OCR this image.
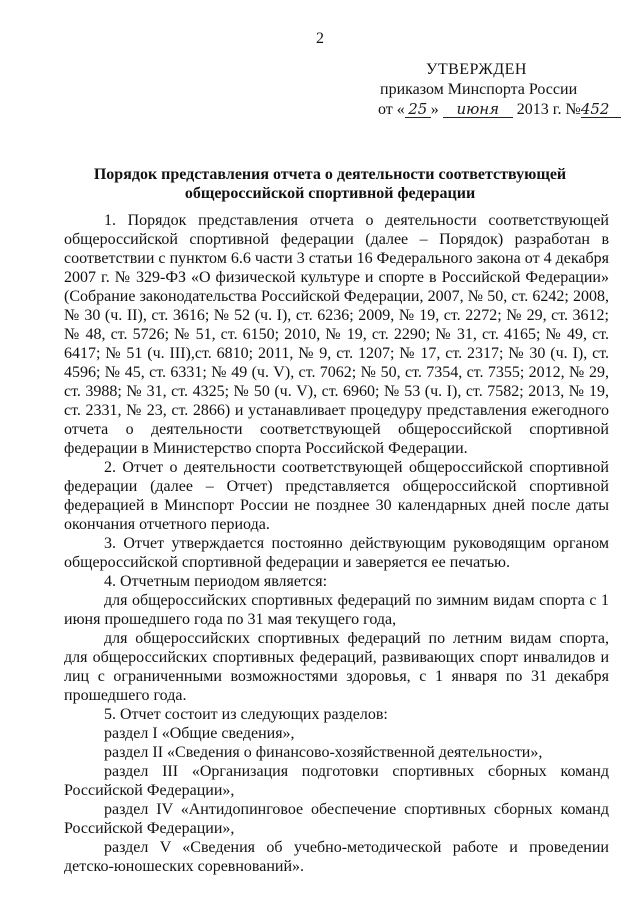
2
УТВЕРЖДЕН
приказом Минспорта России
от « 25 » июня 2013 г. №452
Порядок представления отчета о деятельности соответствующей
общероссийской спортивной федерации

1. Порядок представления отчета о деятельности соответствующей общероссийской спортивной федерации (далее – Порядок) разработан в соответствии с пунктом 6.6 части 3 статьи 16 Федерального закона от 4 декабря 2007 г. № 329-ФЗ «О физической культуре и спорте в Российской Федерации» (Собрание законодательства Российской Федерации, 2007, № 50, ст. 6242; 2008, № 30 (ч. II), ст. 3616; № 52 (ч. I), ст. 6236; 2009, № 19, ст. 2272; № 29, ст. 3612; № 48, ст. 5726; № 51, ст. 6150; 2010, № 19, ст. 2290; № 31, ст. 4165; № 49, ст. 6417; № 51 (ч. III),ст. 6810; 2011, № 9, ст. 1207; № 17, ст. 2317; № 30 (ч. I), ст. 4596; № 45, ст. 6331; № 49 (ч. V), ст. 7062; № 50, ст. 7354, ст. 7355; 2012, № 29, ст. 3988; № 31, ст. 4325; № 50 (ч. V), ст. 6960; № 53 (ч. I), ст. 7582; 2013, № 19, ст. 2331, № 23, ст. 2866) и устанавливает процедуру представления ежегодного отчета о деятельности соответствующей общероссийской спортивной федерации в Министерство спорта Российской Федерации.

2. Отчет о деятельности соответствующей общероссийской спортивной федерации (далее – Отчет) представляется общероссийской спортивной федерацией в Минспорт России не позднее 30 календарных дней после даты окончания отчетного периода.

3. Отчет утверждается постоянно действующим руководящим органом общероссийской спортивной федерации и заверяется ее печатью.

4. Отчетным периодом является:

для общероссийских спортивных федераций по зимним видам спорта с 1 июня прошедшего года по 31 мая текущего года,

для общероссийских спортивных федераций по летним видам спорта, для общероссийских спортивных федераций, развивающих спорт инвалидов и лиц с ограниченными возможностями здоровья, с 1 января по 31 декабря прошедшего года.

5. Отчет состоит из следующих разделов:

раздел I «Общие сведения»,

раздел II «Сведения о финансово-хозяйственной деятельности»,

раздел III «Организация подготовки спортивных сборных команд Российской Федерации»,

раздел IV «Антидопинговое обеспечение спортивных сборных команд Российской Федерации»,

раздел V «Сведения об учебно-методической работе и проведении детско-юношеских соревнований».
